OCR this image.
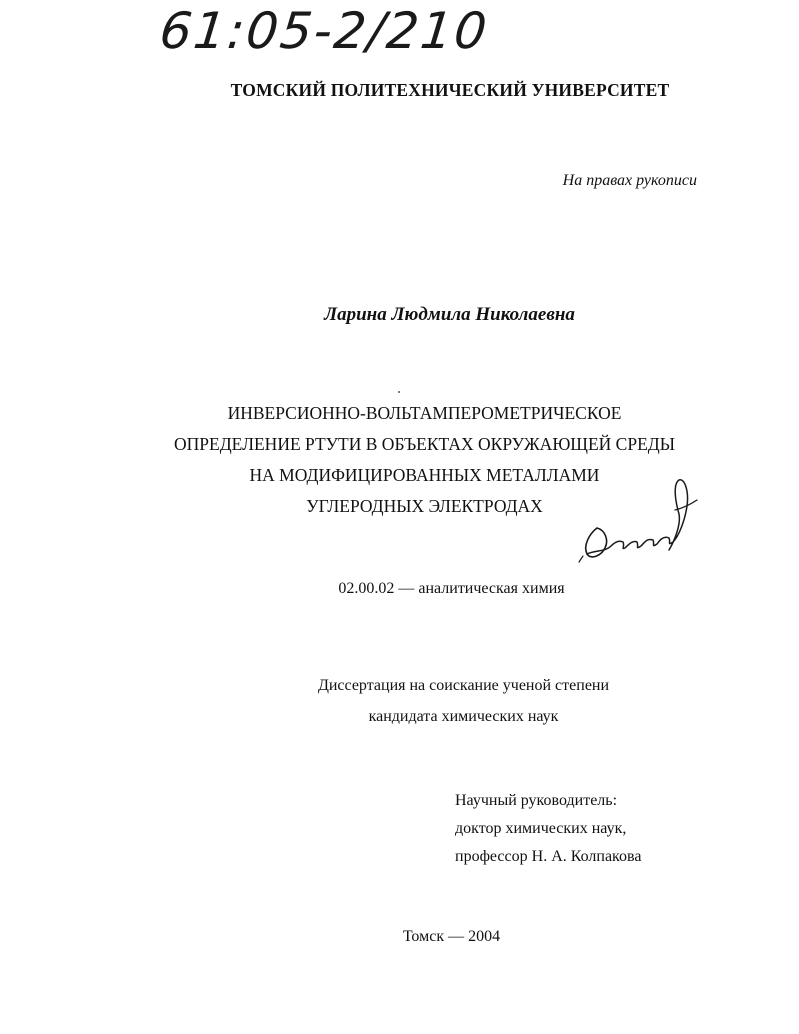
61:05-2/210
ТОМСКИЙ ПОЛИТЕХНИЧЕСКИЙ УНИВЕРСИТЕТ
На правах рукописи
Ларина Людмила Николаевна
ИНВЕРСИОННО-ВОЛЬТАМПЕРОМЕТРИЧЕСКОЕ
ОПРЕДЕЛЕНИЕ РТУТИ В ОБЪЕКТАХ ОКРУЖАЮЩЕЙ СРЕДЫ
НА МОДИФИЦИРОВАННЫХ МЕТАЛЛАМИ
УГЛЕРОДНЫХ ЭЛЕКТРОДАХ
02.00.02 — аналитическая химия
Диссертация на соискание ученой степени
кандидата химических наук
Научный руководитель:
доктор химических наук,
профессор Н. А. Колпакова
Томск — 2004
